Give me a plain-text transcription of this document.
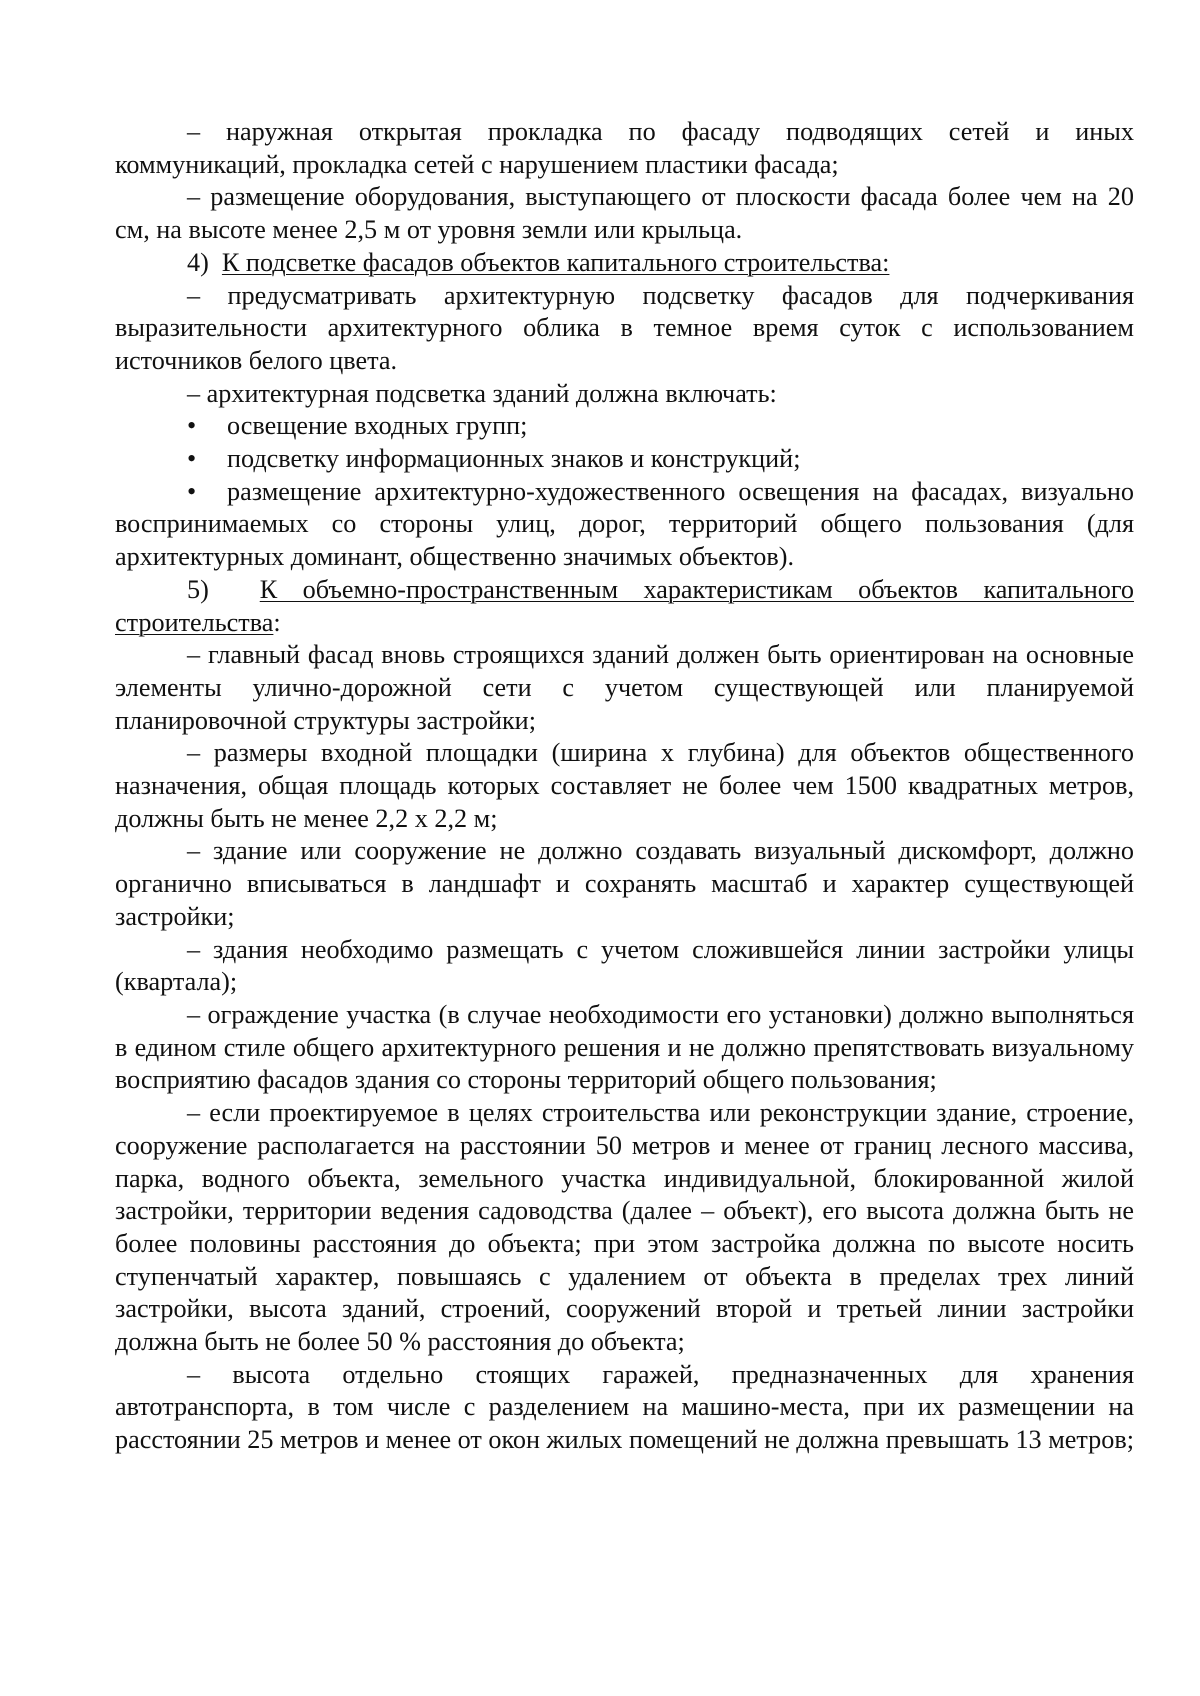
– наружная открытая прокладка по фасаду подводящих сетей и иных коммуникаций, прокладка сетей с нарушением пластики фасада;

– размещение оборудования, выступающего от плоскости фасада более чем на 20 см, на высоте менее 2,5 м от уровня земли или крыльца.

4) К подсветке фасадов объектов капитального строительства:

– предусматривать архитектурную подсветку фасадов для подчеркивания выразительности архитектурного облика в темное время суток с использованием источников белого цвета.

– архитектурная подсветка зданий должна включать:

• освещение входных групп;

• подсветку информационных знаков и конструкций;

• размещение архитектурно-художественного освещения на фасадах, визуально воспринимаемых со стороны улиц, дорог, территорий общего пользования (для архитектурных доминант, общественно значимых объектов).

5) К объемно-пространственным характеристикам объектов капитального строительства:

– главный фасад вновь строящихся зданий должен быть ориентирован на основные элементы улично-дорожной сети с учетом существующей или планируемой планировочной структуры застройки;

– размеры входной площадки (ширина х глубина) для объектов общественного назначения, общая площадь которых составляет не более чем 1500 квадратных метров, должны быть не менее 2,2 х 2,2 м;

– здание или сооружение не должно создавать визуальный дискомфорт, должно органично вписываться в ландшафт и сохранять масштаб и характер существующей застройки;

– здания необходимо размещать с учетом сложившейся линии застройки улицы (квартала);

– ограждение участка (в случае необходимости его установки) должно выполняться в едином стиле общего архитектурного решения и не должно препятствовать визуальному восприятию фасадов здания со стороны территорий общего пользования;

– если проектируемое в целях строительства или реконструкции здание, строение, сооружение располагается на расстоянии 50 метров и менее от границ лесного массива, парка, водного объекта, земельного участка индивидуальной, блокированной жилой застройки, территории ведения садоводства (далее – объект), его высота должна быть не более половины расстояния до объекта; при этом застройка должна по высоте носить ступенчатый характер, повышаясь с удалением от объекта в пределах трех линий застройки, высота зданий, строений, сооружений второй и третьей линии застройки должна быть не более 50 % расстояния до объекта;

– высота отдельно стоящих гаражей, предназначенных для хранения автотранспорта, в том числе с разделением на машино-места, при их размещении на расстоянии 25 метров и менее от окон жилых помещений не должна превышать 13 метров;
